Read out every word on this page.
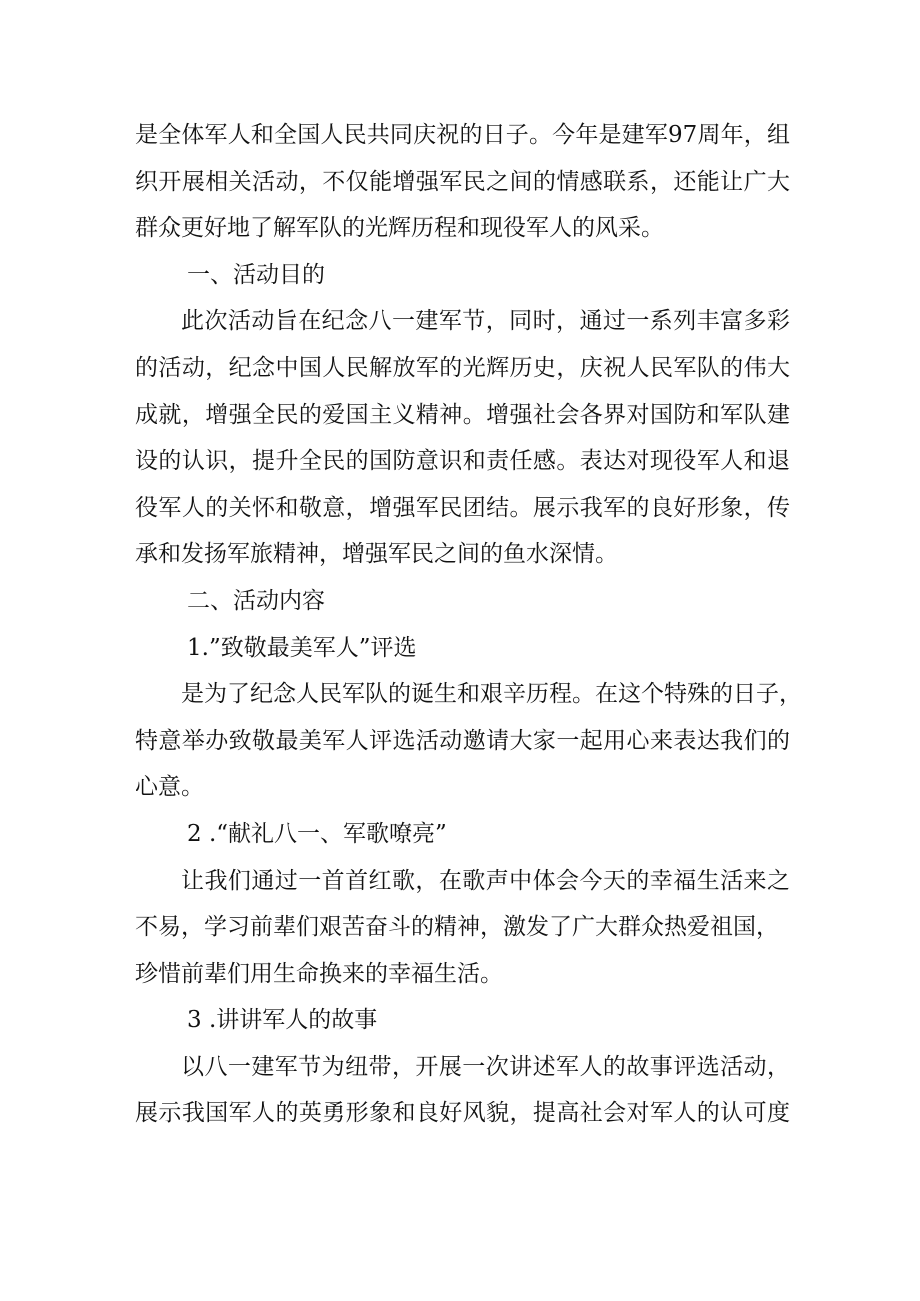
是全体军人和全国人民共同庆祝的日子。今年是建军97周年，组
织开展相关活动，不仅能增强军民之间的情感联系，还能让广大
群众更好地了解军队的光辉历程和现役军人的风采。
一、活动目的
此次活动旨在纪念八一建军节，同时，通过一系列丰富多彩
的活动，纪念中国人民解放军的光辉历史，庆祝人民军队的伟大
成就，增强全民的爱国主义精神。增强社会各界对国防和军队建
设的认识，提升全民的国防意识和责任感。表达对现役军人和退
役军人的关怀和敬意，增强军民团结。展示我军的良好形象，传
承和发扬军旅精神，增强军民之间的鱼水深情。
二、活动内容
1.”致敬最美军人”评选
是为了纪念人民军队的诞生和艰辛历程。在这个特殊的日子，
特意举办致敬最美军人评选活动邀请大家一起用心来表达我们的
心意。
2 .“献礼八一、军歌嘹亮”
让我们通过一首首红歌，在歌声中体会今天的幸福生活来之
不易，学习前辈们艰苦奋斗的精神，激发了广大群众热爱祖国，
珍惜前辈们用生命换来的幸福生活。
3 .讲讲军人的故事
以八一建军节为纽带，开展一次讲述军人的故事评选活动，
展示我国军人的英勇形象和良好风貌，提高社会对军人的认可度
